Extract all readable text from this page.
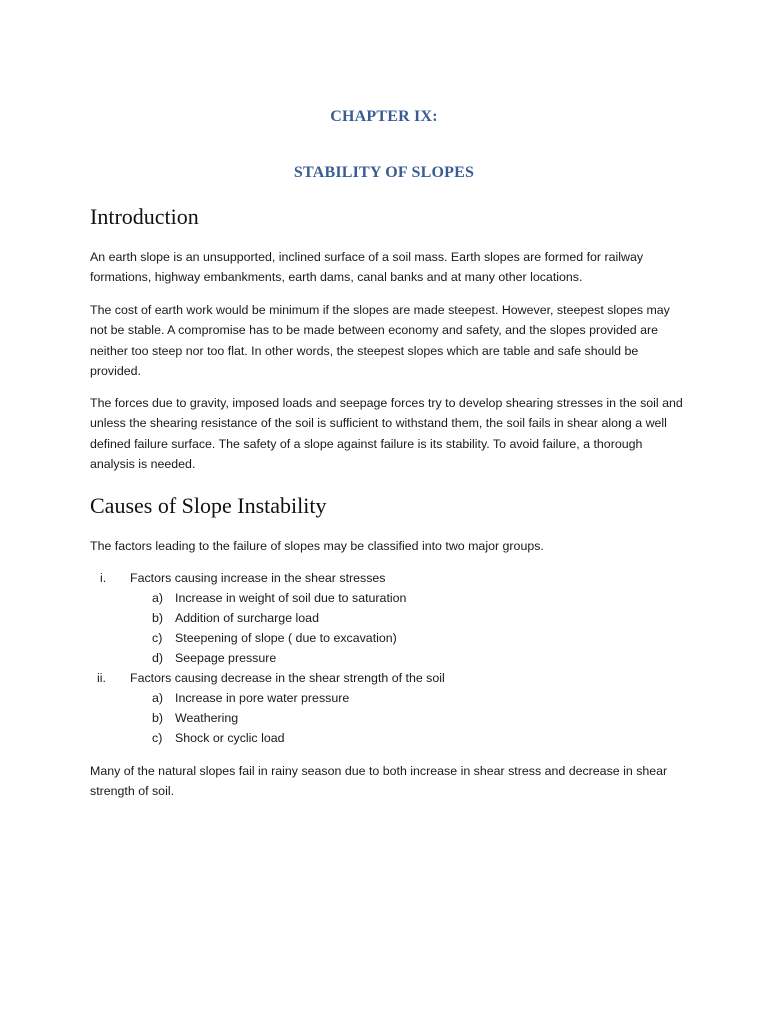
CHAPTER IX:
STABILITY OF SLOPES
Introduction

An earth slope is an unsupported, inclined surface of a soil mass. Earth slopes are formed for railway formations, highway embankments, earth dams, canal banks and at many other locations.

The cost of earth work would be minimum if the slopes are made steepest. However, steepest slopes may not be stable. A compromise has to be made between economy and safety, and the slopes provided are neither too steep nor too flat. In other words, the steepest slopes which are table and safe should be provided.

The forces due to gravity, imposed loads and seepage forces try to develop shearing stresses in the soil and unless the shearing resistance of the soil is sufficient to withstand them, the soil fails in shear along a well defined failure surface. The safety of a slope against failure is its stability. To avoid failure, a thorough analysis is needed.

Causes of Slope Instability

The factors leading to the failure of slopes may be classified into two major groups.

i. Factors causing increase in the shear stresses
a) Increase in weight of soil due to saturation
b) Addition of surcharge load
c) Steepening of slope ( due to excavation)
d) Seepage pressure
ii. Factors causing decrease in the shear strength of the soil
a) Increase in pore water pressure
b) Weathering
c) Shock or cyclic load

Many of the natural slopes fail in rainy season due to both increase in shear stress and decrease in shear strength of soil.
